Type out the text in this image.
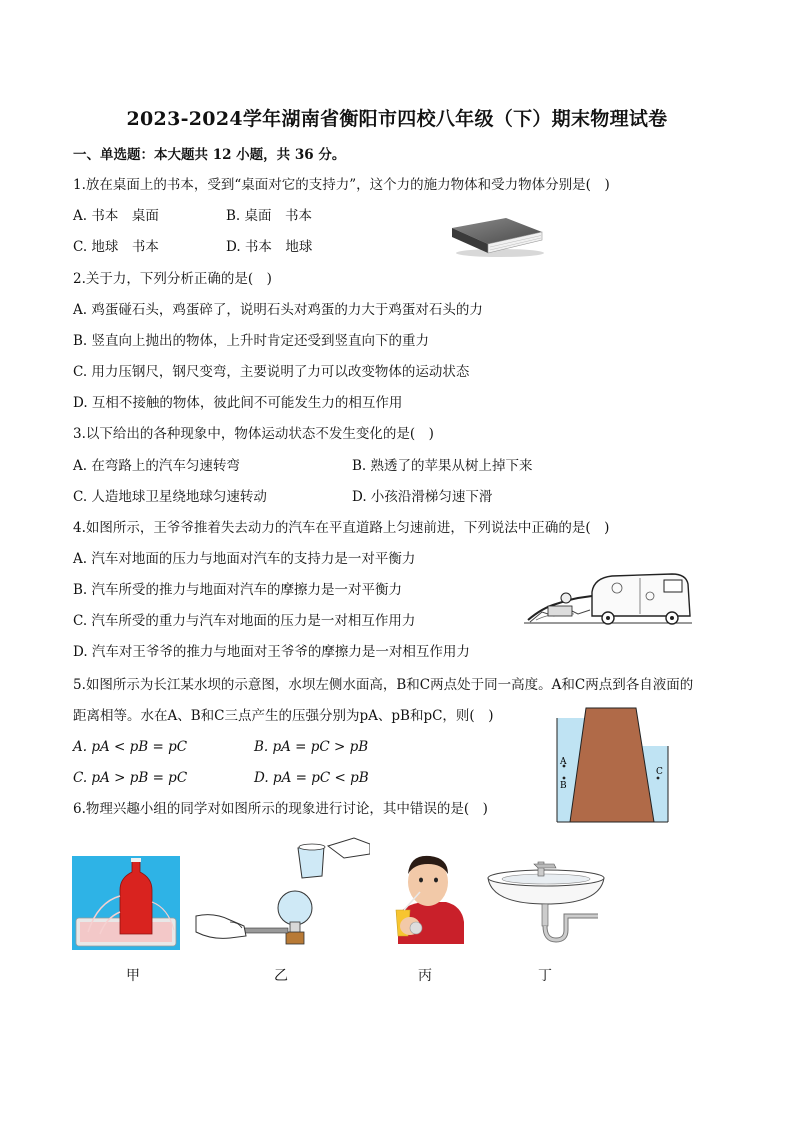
2023-2024学年湖南省衡阳市四校八年级（下）期末物理试卷
一、单选题：本大题共 12 小题，共 36 分。
1.放在桌面上的书本，受到“桌面对它的支持力”，这个力的施力物体和受力物体分别是(　)
A. 书本　桌面	B. 桌面　书本
C. 地球　书本	D. 书本　地球
2.关于力，下列分析正确的是(　)
A. 鸡蛋碰石头，鸡蛋碎了，说明石头对鸡蛋的力大于鸡蛋对石头的力
B. 竖直向上抛出的物体，上升时肯定还受到竖直向下的重力
C. 用力压钢尺，钢尺变弯，主要说明了力可以改变物体的运动状态
D. 互相不接触的物体，彼此间不可能发生力的相互作用
3.以下给出的各种现象中，物体运动状态不发生变化的是(　)
A. 在弯路上的汽车匀速转弯	B. 熟透了的苹果从树上掉下来
C. 人造地球卫星绕地球匀速转动	D. 小孩沿滑梯匀速下滑
4.如图所示，王爷爷推着失去动力的汽车在平直道路上匀速前进，下列说法中正确的是(　)
A. 汽车对地面的压力与地面对汽车的支持力是一对平衡力
B. 汽车所受的推力与地面对汽车的摩擦力是一对平衡力
C. 汽车所受的重力与汽车对地面的压力是一对相互作用力
D. 汽车对王爷爷的推力与地面对王爷爷的摩擦力是一对相互作用力
5.如图所示为长江某水坝的示意图，水坝左侧水面高，B和C两点处于同一高度。A和C两点到各自液面的
距离相等。水在A、B和C三点产生的压强分别为pA、pB和pC，则(　)
A. pA < pB = pC	B. pA = pC > pB
C. pA > pB = pC	D. pA = pC < pB
A
B
C
6.物理兴趣小组的同学对如图所示的现象进行讨论，其中错误的是(　)
甲	乙	丙	丁
